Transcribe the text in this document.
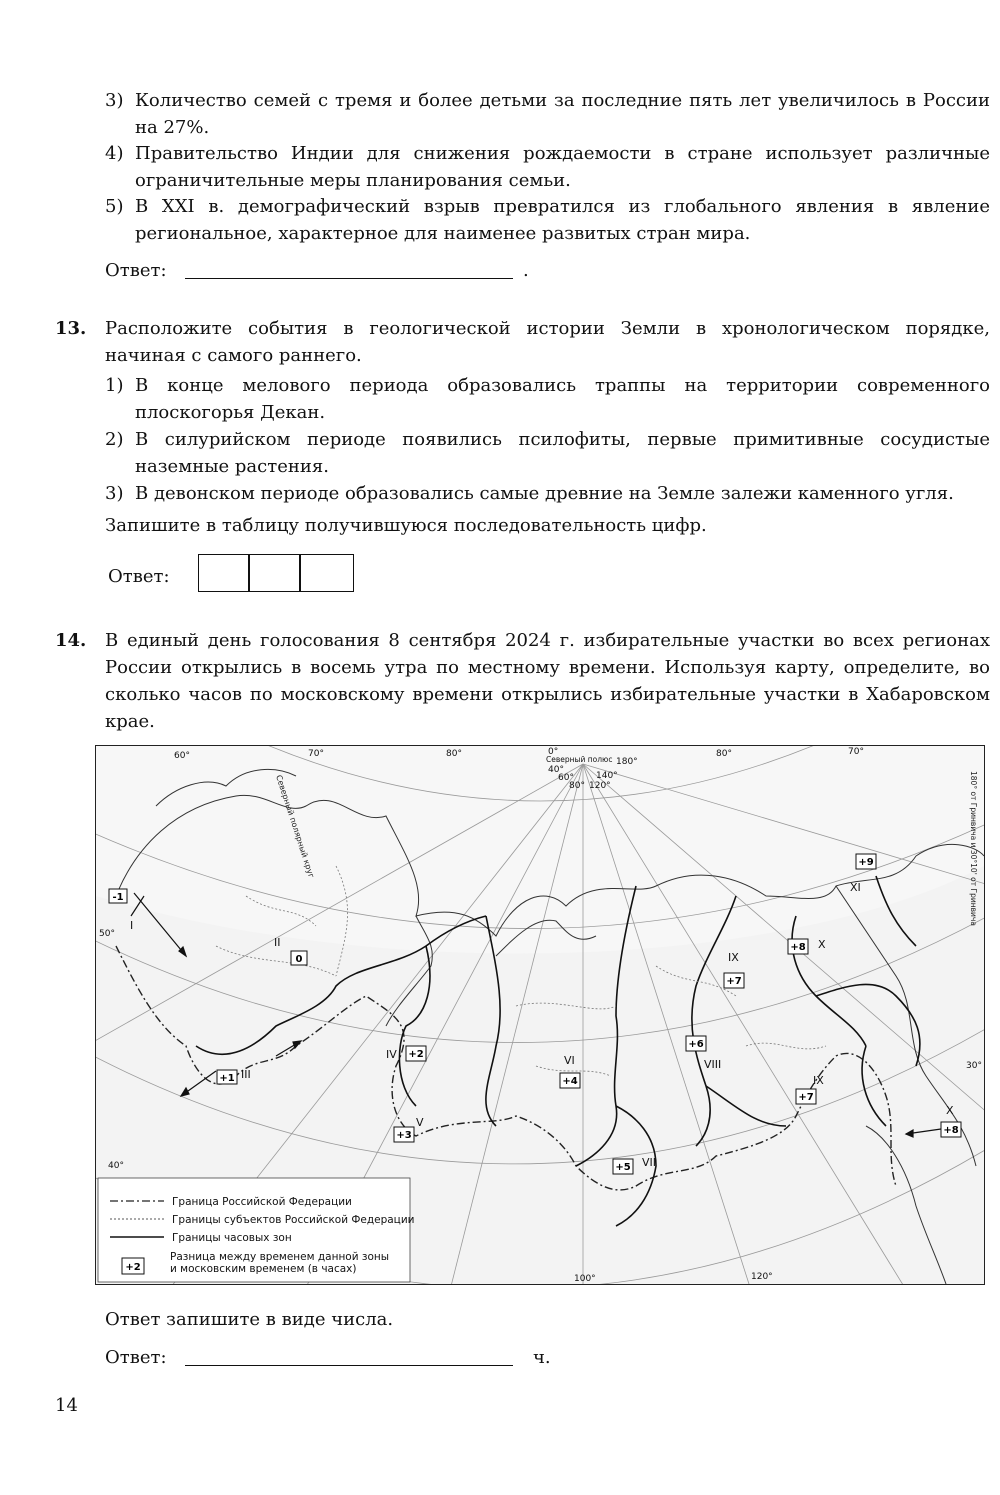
3) Количество семей с тремя и более детьми за последние пять лет увеличилось в России на 27%.
4) Правительство Индии для снижения рождаемости в стране использует различные ограничительные меры планирования семьи.
5) В XXI в. демографический взрыв превратился из глобального явления в явление региональное, характерное для наименее развитых стран мира.
Ответ:	.
13. Расположите события в геологической истории Земли в хронологическом порядке, начиная с самого раннего.
1) В конце мелового периода образовались траппы на территории современного плоскогорья Декан.
2) В силурийском периоде появились псилофиты, первые примитивные сосудистые наземные растения.
3) В девонском периоде образовались самые древние на Земле залежи каменного угля.
Запишите в таблицу получившуюся последовательность цифр.
Ответ:
14. В единый день голосования 8 сентября 2024 г. избирательные участки во всех регионах России открылись в восемь утра по местному времени. Используя карту, определите, во сколько часов по московскому времени открылись избирательные участки в Хабаровском крае.
60°	70°	80°	0°
180°
80°	70°
40°
60°
80° 120°
140°
100°	120°
Северный полюс
50°
40°
30°
Северный полярный круг	180° от Гринвича и 30°10' от Гринвича
I
II
III
IV
V
VI
VII
VIII
IX
IX
X
X
XI
-1
0
+1
+2
+3
+4
+5
+6
+7
+7
+8
+8
+9
Граница Российской Федерации
Границы субъектов Российской Федерации
Границы часовых зон
+2
Разница между временем данной зоны и московским временем (в часах)
Ответ запишите в виде числа.
Ответ:	ч.
14
